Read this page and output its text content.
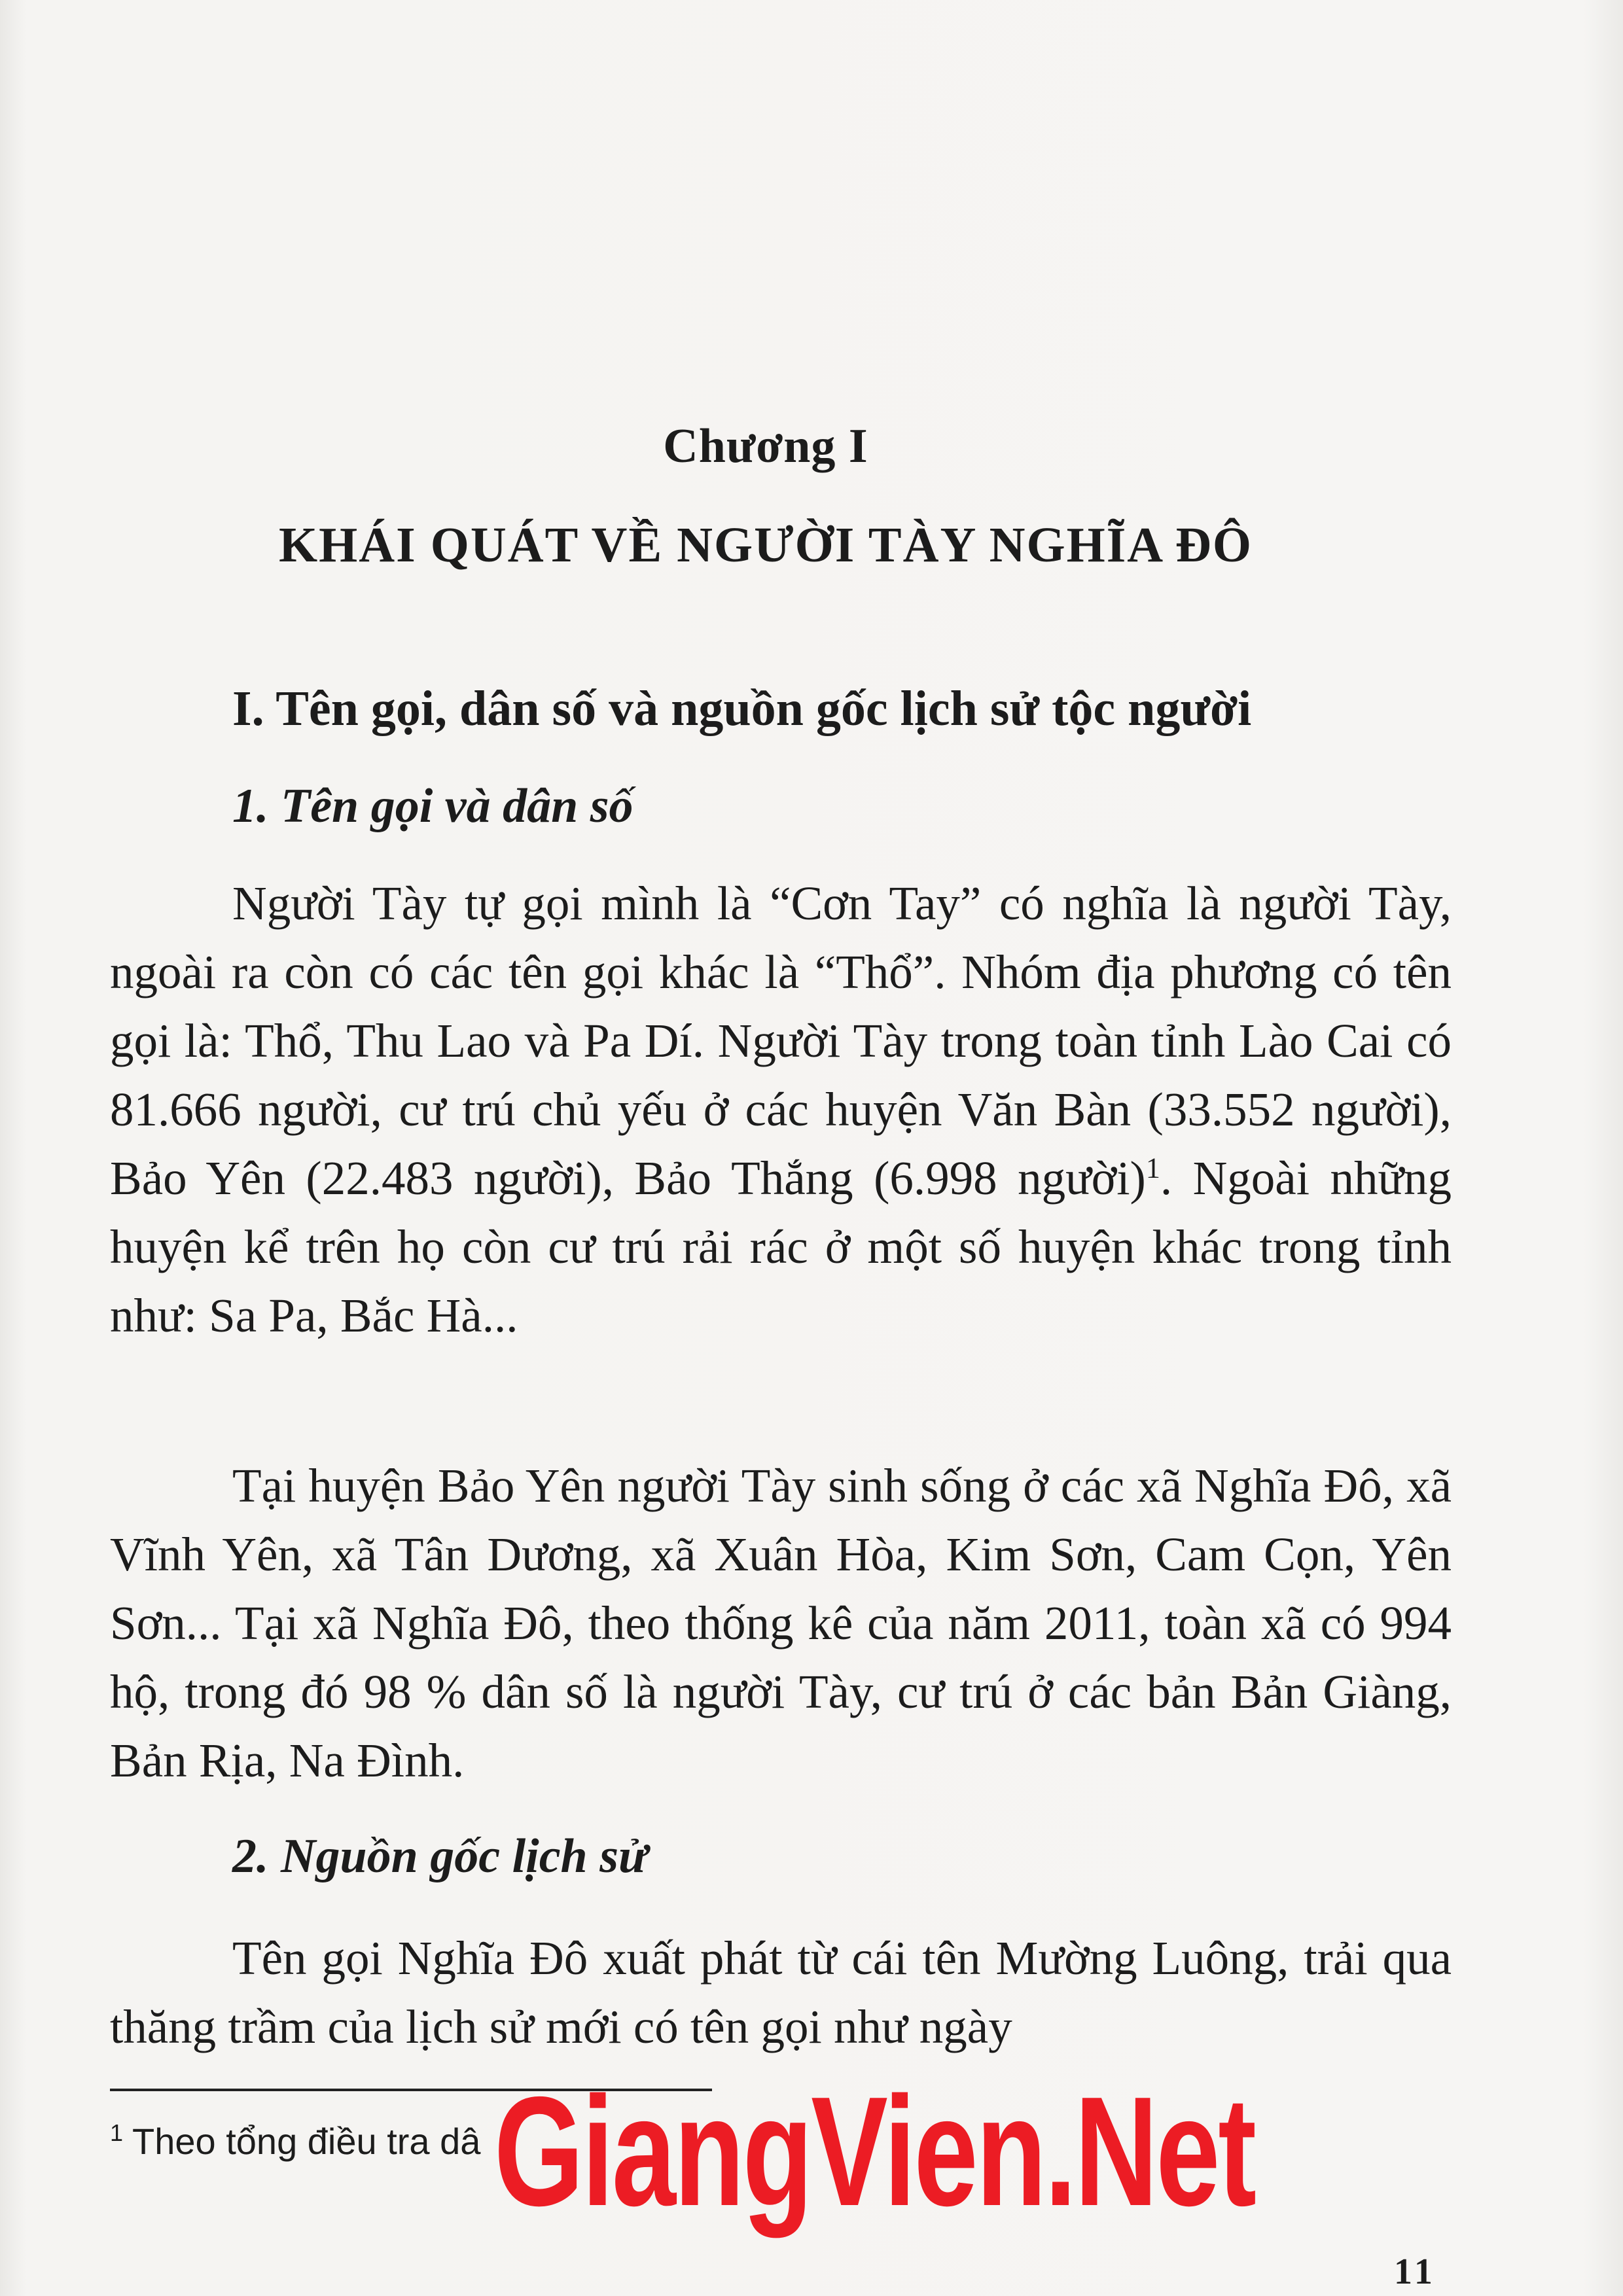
Chương I
KHÁI QUÁT VỀ NGƯỜI TÀY NGHĨA ĐÔ
I. Tên gọi, dân số và nguồn gốc lịch sử tộc người
1. Tên gọi và dân số

Người Tày tự gọi mình là “Cơn Tay” có nghĩa là người Tày, ngoài ra còn có các tên gọi khác là “Thổ”. Nhóm địa phương có tên gọi là: Thổ, Thu Lao và Pa Dí. Người Tày trong toàn tỉnh Lào Cai có 81.666 người, cư trú chủ yếu ở các huyện Văn Bàn (33.552 người), Bảo Yên (22.483 người), Bảo Thắng (6.998 người)$^1$. Ngoài những huyện kể trên họ còn cư trú rải rác ở một số huyện khác trong tỉnh như: Sa Pa, Bắc Hà...

Tại huyện Bảo Yên người Tày sinh sống ở các xã Nghĩa Đô, xã Vĩnh Yên, xã Tân Dương, xã Xuân Hòa, Kim Sơn, Cam Cọn, Yên Sơn... Tại xã Nghĩa Đô, theo thống kê của năm 2011, toàn xã có 994 hộ, trong đó 98 % dân số là người Tày, cư trú ở các bản Bản Giàng, Bản Rịa, Na Đình.

2. Nguồn gốc lịch sử

Tên gọi Nghĩa Đô xuất phát từ cái tên Mường Luông, trải qua thăng trầm của lịch sử mới có tên gọi như ngày

$^1$ Theo tổng điều tra dâ GiangVien.Net
11
